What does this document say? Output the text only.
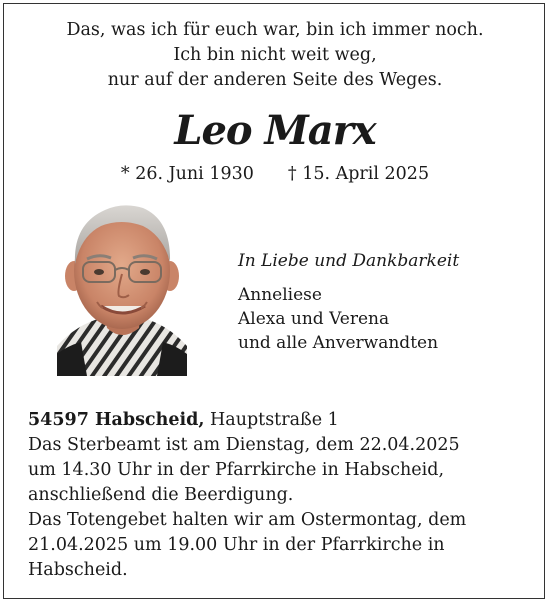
Das, was ich für euch war, bin ich immer noch.
Ich bin nicht weit weg,
nur auf der anderen Seite des Weges.
Leo Marx
* 26. Juni 1930 † 15. April 2025
In Liebe und Dankbarkeit
Anneliese
Alexa und Verena
und alle Anverwandten
54597 Habscheid, Hauptstraße 1
Das Sterbeamt ist am Dienstag, dem 22.04.2025
um 14.30 Uhr in der Pfarrkirche in Habscheid,
anschließend die Beerdigung.
Das Totengebet halten wir am Ostermontag, dem
21.04.2025 um 19.00 Uhr in der Pfarrkirche in
Habscheid.
